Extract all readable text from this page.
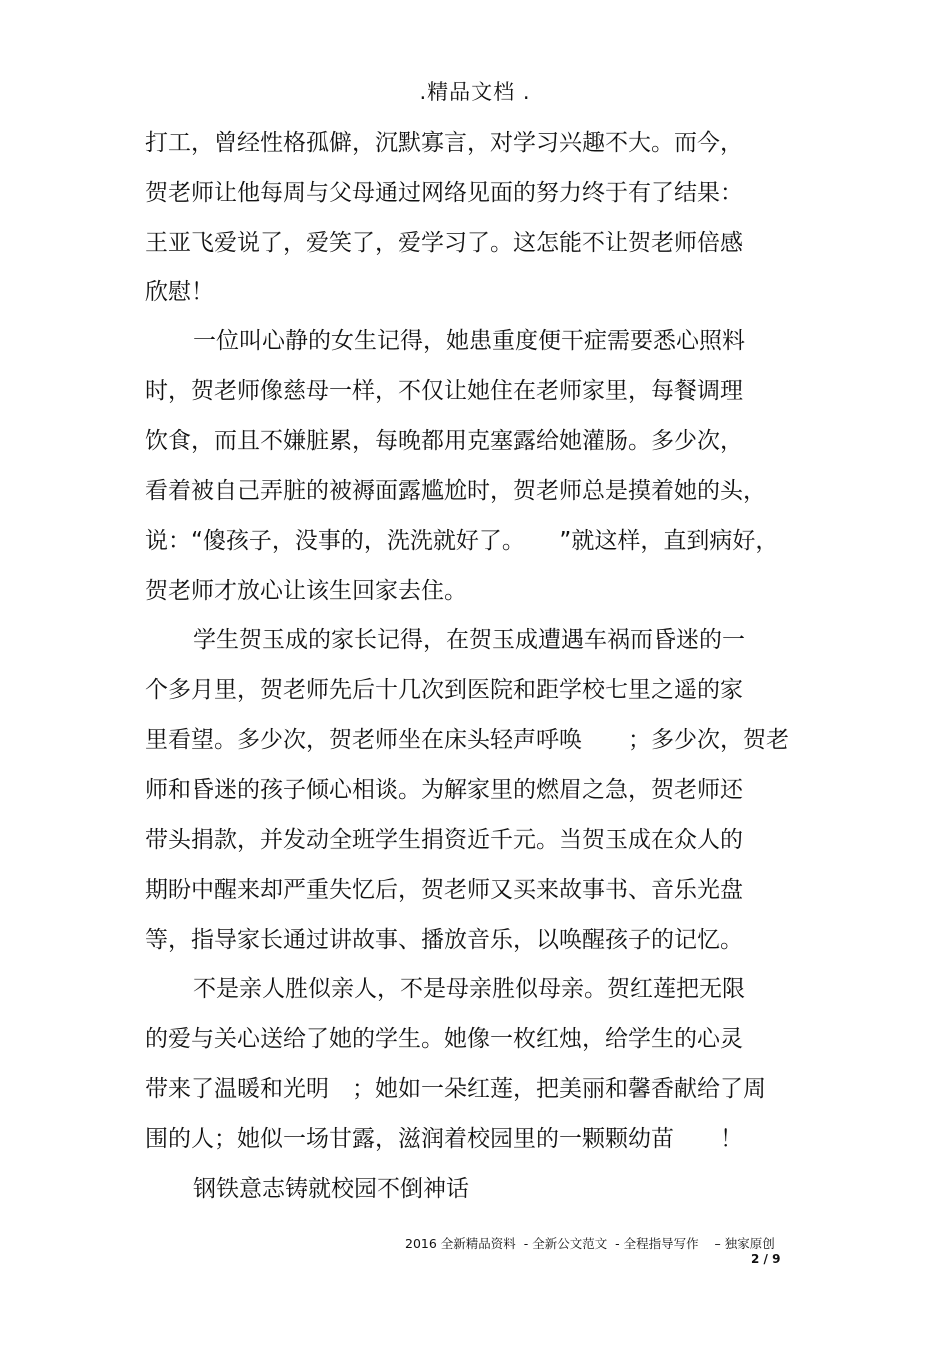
.精品文档 .
打工，曾经性格孤僻，沉默寡言，对学习兴趣不大。而今，
贺老师让他每周与父母通过网络见面的努力终于有了结果：
王亚飞爱说了，爱笑了，爱学习了。这怎能不让贺老师倍感
欣慰！
一位叫心静的女生记得，她患重度便干症需要悉心照料
时，贺老师像慈母一样，不仅让她住在老师家里，每餐调理
饮食，而且不嫌脏累，每晚都用克塞露给她灌肠。多少次，
看着被自己弄脏的被褥面露尴尬时，贺老师总是摸着她的头，
说：“傻孩子，没事的，洗洗就好了。　　”就这样，直到病好，
贺老师才放心让该生回家去住。
学生贺玉成的家长记得，在贺玉成遭遇车祸而昏迷的一
个多月里，贺老师先后十几次到医院和距学校七里之遥的家
里看望。多少次，贺老师坐在床头轻声呼唤　　；多少次，贺老
师和昏迷的孩子倾心相谈。为解家里的燃眉之急，贺老师还
带头捐款，并发动全班学生捐资近千元。当贺玉成在众人的
期盼中醒来却严重失忆后，贺老师又买来故事书、音乐光盘
等，指导家长通过讲故事、播放音乐，以唤醒孩子的记忆。
不是亲人胜似亲人，不是母亲胜似母亲。贺红莲把无限
的爱与关心送给了她的学生。她像一枚红烛，给学生的心灵
带来了温暖和光明　；她如一朵红莲，把美丽和馨香献给了周
围的人；她似一场甘露，滋润着校园里的一颗颗幼苗　　！
钢铁意志铸就校园不倒神话
2016 全新精品资料  - 全新公文范文  - 全程指导写作    – 独家原创
2 / 9
